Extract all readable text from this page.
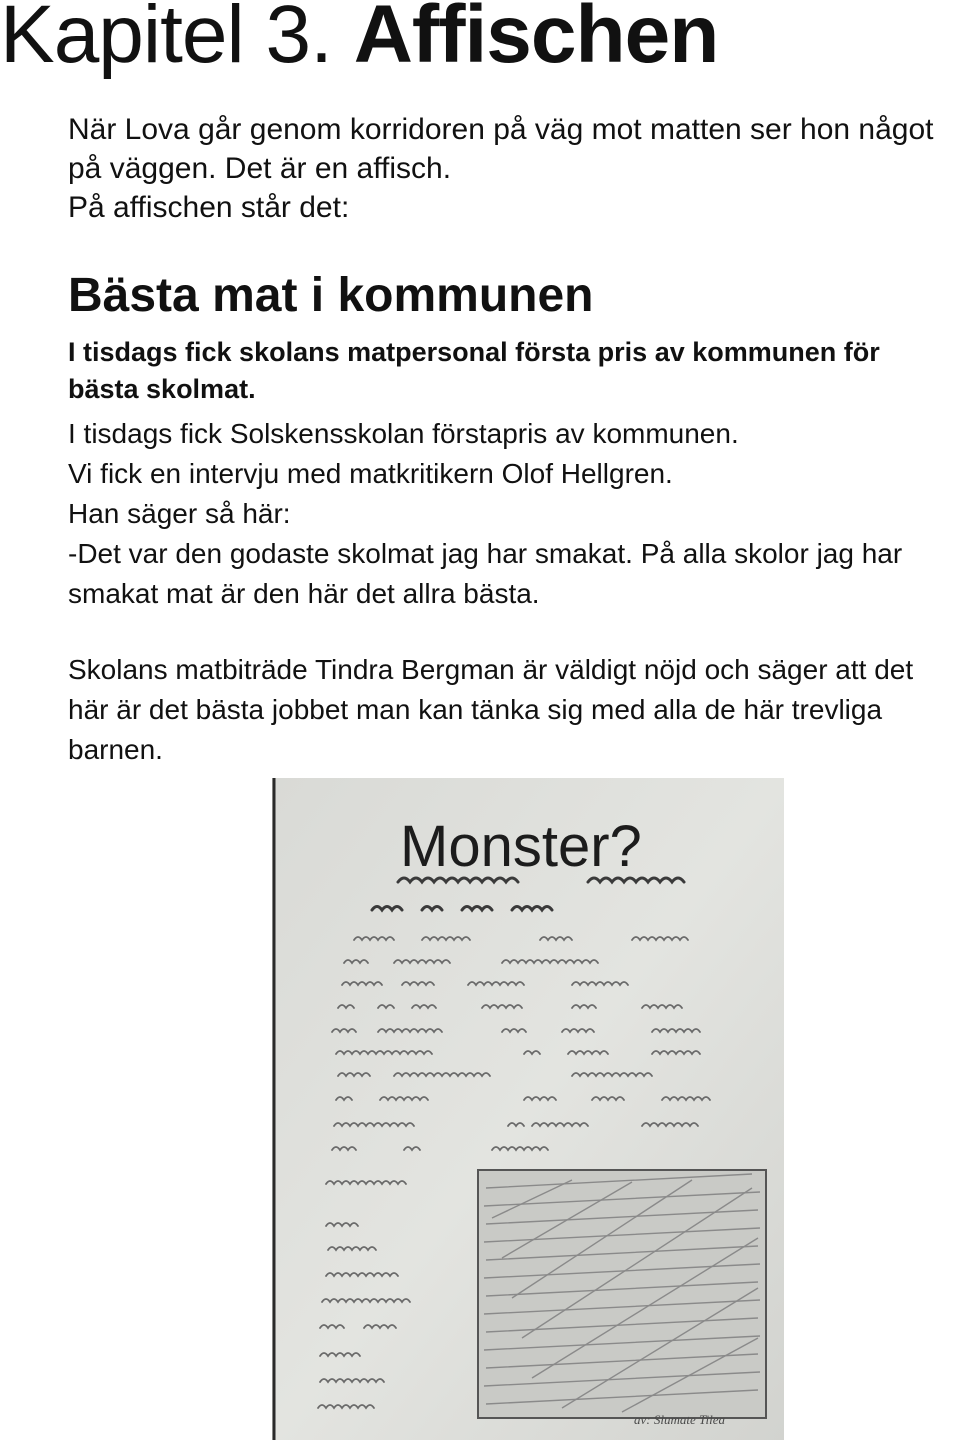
Kapitel 3. Affischen

När Lova går genom korridoren på väg mot matten ser hon något på väggen. Det är en affisch.

På affischen står det:

Bästa mat i kommunen

I tisdags fick skolans matpersonal första pris av kommunen för bästa skolmat.

I tisdags fick Solskensskolan förstapris av kommunen.

Vi fick en intervju med matkritikern Olof Hellgren.

Han säger så här:

-Det var den godaste skolmat jag har smakat. På alla skolor jag har smakat mat är den här det allra bästa.

Skolans matbiträde Tindra Bergman är väldigt nöjd och säger att det här är det bästa jobbet man kan tänka sig med alla de här trevliga barnen.

Monster?
av: Slumate Tilea
